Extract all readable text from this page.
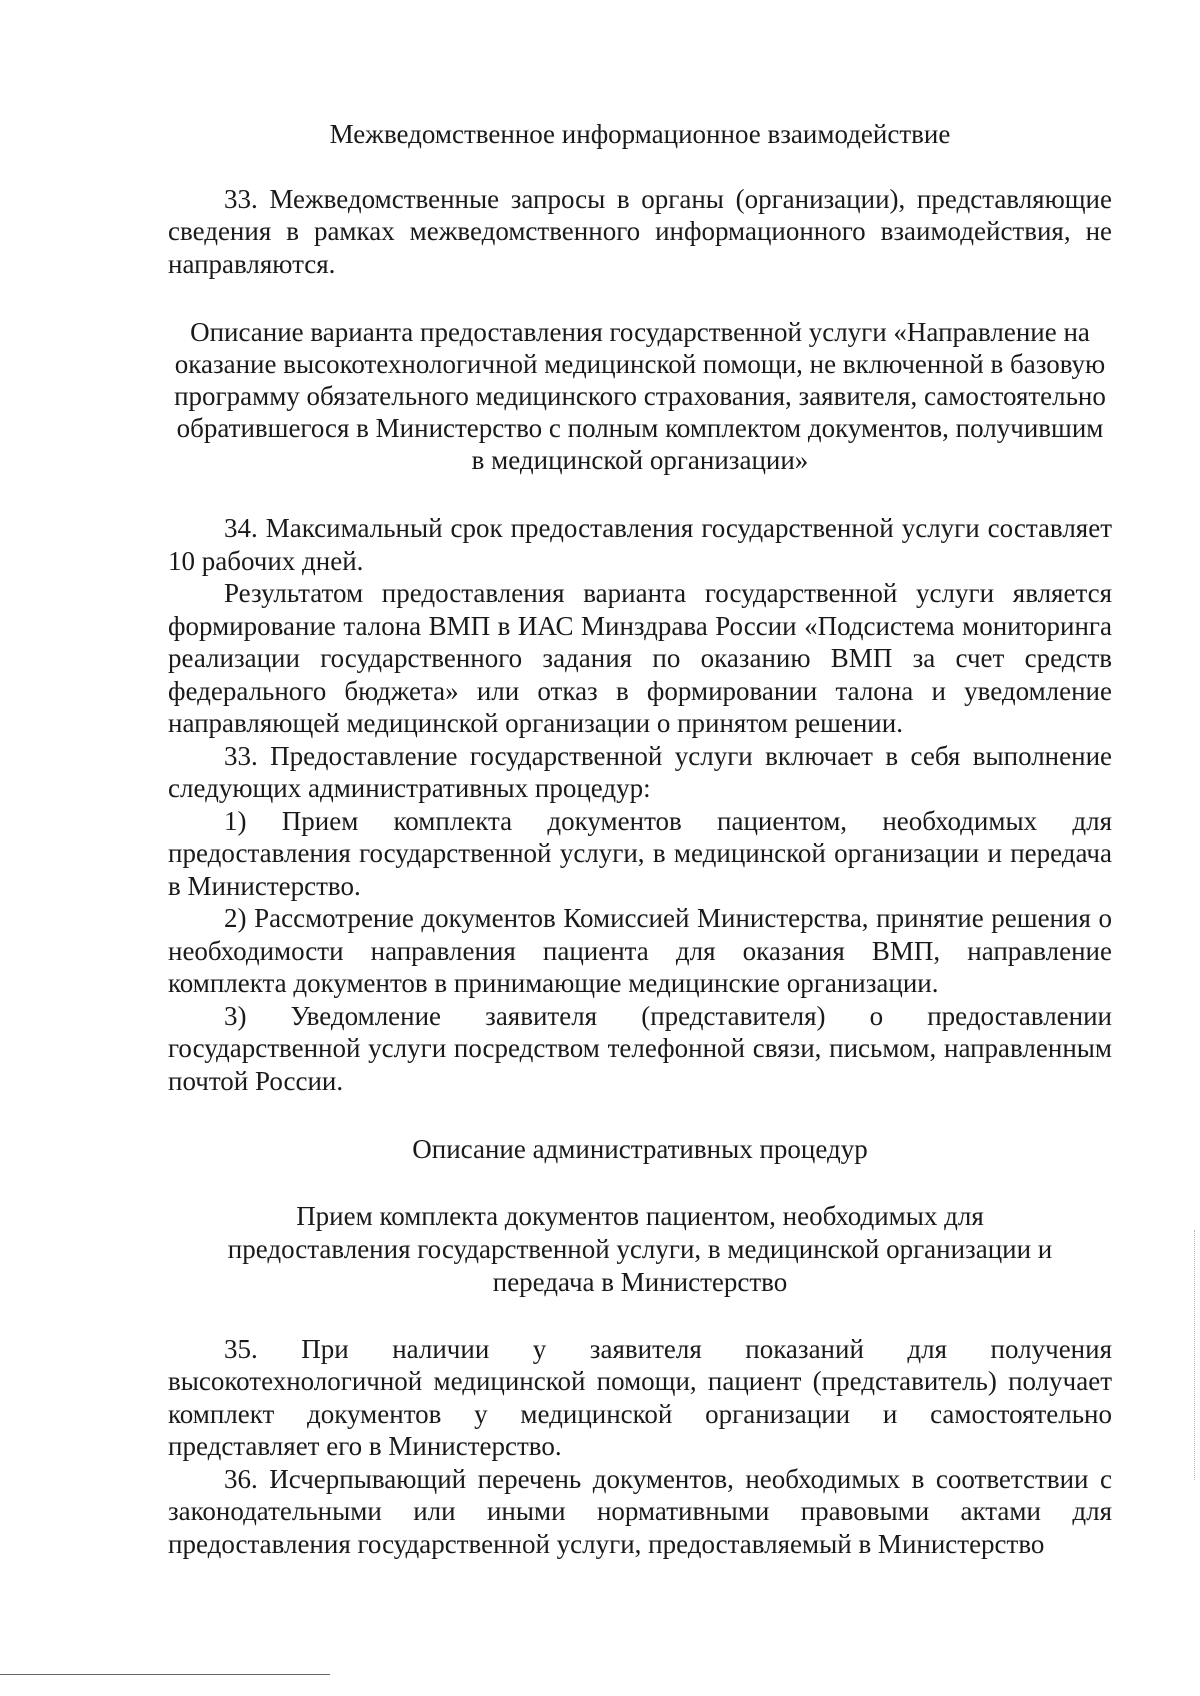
Межведомственное информационное взаимодействие

33. Межведомственные запросы в органы (организации), представляющие сведения в рамках межведомственного информационного взаимодействия, не направляются.

Описание варианта предоставления государственной услуги «Направление на оказание высокотехнологичной медицинской помощи, не включенной в базовую программу обязательного медицинского страхования, заявителя, самостоятельно обратившегося в Министерство с полным комплектом документов, получившим в медицинской организации»

34. Максимальный срок предоставления государственной услуги составляет 10 рабочих дней.

Результатом предоставления варианта государственной услуги является формирование талона ВМП в ИАС Минздрава России «Подсистема мониторинга реализации государственного задания по оказанию ВМП за счет средств федерального бюджета» или отказ в формировании талона и уведомление направляющей медицинской организации о принятом решении.

33. Предоставление государственной услуги включает в себя выполнение следующих административных процедур:

1) Прием комплекта документов пациентом, необходимых для предоставления государственной услуги, в медицинской организации и передача в Министерство.

2) Рассмотрение документов Комиссией Министерства, принятие решения о необходимости направления пациента для оказания ВМП, направление комплекта документов в принимающие медицинские организации.

3) Уведомление заявителя (представителя) о предоставлении государственной услуги посредством телефонной связи, письмом, направленным почтой России.

Описание административных процедур

Прием комплекта документов пациентом, необходимых для предоставления государственной услуги, в медицинской организации и передача в Министерство

35. При наличии у заявителя показаний для получения высокотехнологичной медицинской помощи, пациент (представитель) получает комплект документов у медицинской организации и самостоятельно представляет его в Министерство.

36. Исчерпывающий перечень документов, необходимых в соответствии с законодательными или иными нормативными правовыми актами для предоставления государственной услуги, предоставляемый в Министерство
